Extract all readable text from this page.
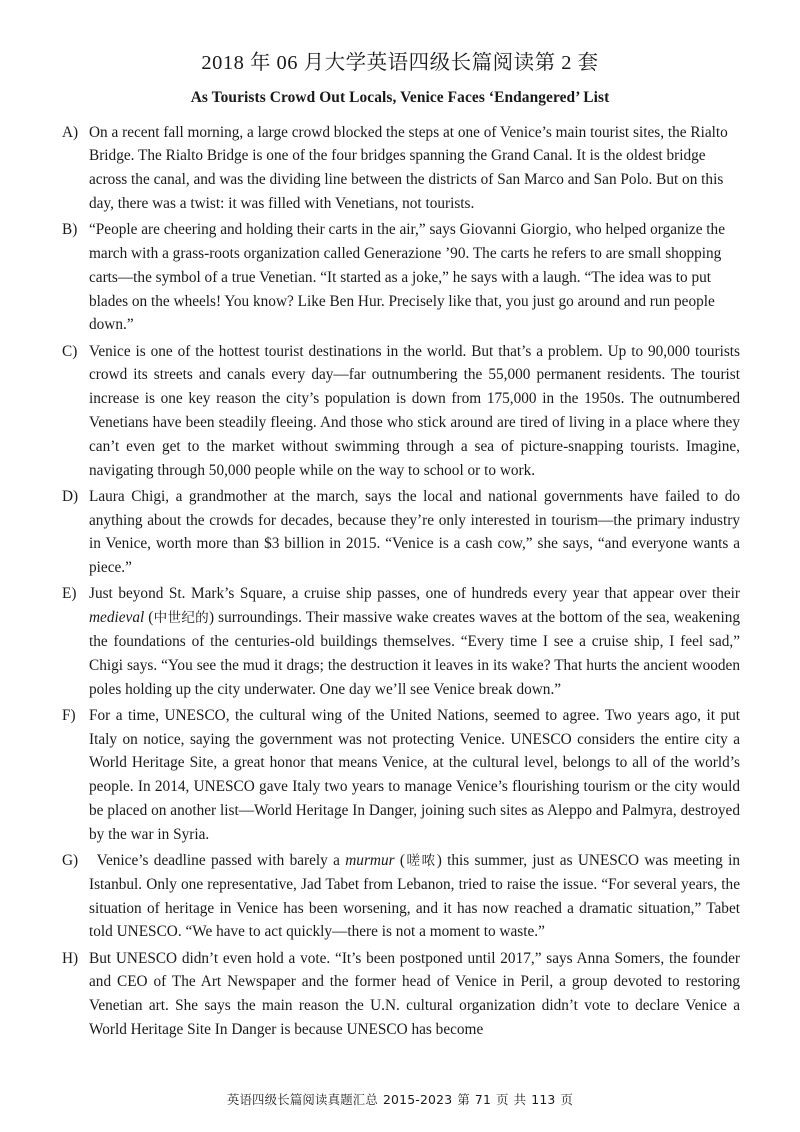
2018 年 06 月大学英语四级长篇阅读第 2 套
As Tourists Crowd Out Locals, Venice Faces ‘Endangered’ List
A) On a recent fall morning, a large crowd blocked the steps at one of Venice’s main tourist sites, the Rialto Bridge. The Rialto Bridge is one of the four bridges spanning the Grand Canal. It is the oldest bridge across the canal, and was the dividing line between the districts of San Marco and San Polo. But on this day, there was a twist: it was filled with Venetians, not tourists.
B) “People are cheering and holding their carts in the air,” says Giovanni Giorgio, who helped organize the march with a grass-roots organization called Generazione ’90. The carts he refers to are small shopping carts—the symbol of a true Venetian. “It started as a joke,” he says with a laugh. “The idea was to put blades on the wheels! You know? Like Ben Hur. Precisely like that, you just go around and run people down.”
C) Venice is one of the hottest tourist destinations in the world. But that’s a problem. Up to 90,000 tourists crowd its streets and canals every day—far outnumbering the 55,000 permanent residents. The tourist increase is one key reason the city’s population is down from 175,000 in the 1950s. The outnumbered Venetians have been steadily fleeing. And those who stick around are tired of living in a place where they can’t even get to the market without swimming through a sea of picture-snapping tourists. Imagine, navigating through 50,000 people while on the way to school or to work.
D) Laura Chigi, a grandmother at the march, says the local and national governments have failed to do anything about the crowds for decades, because they’re only interested in tourism—the primary industry in Venice, worth more than $3 billion in 2015. “Venice is a cash cow,” she says, “and everyone wants a piece.”
E) Just beyond St. Mark’s Square, a cruise ship passes, one of hundreds every year that appear over their medieval (中世纪的) surroundings. Their massive wake creates waves at the bottom of the sea, weakening the foundations of the centuries-old buildings themselves. “Every time I see a cruise ship, I feel sad,” Chigi says. “You see the mud it drags; the destruction it leaves in its wake? That hurts the ancient wooden poles holding up the city underwater. One day we’ll see Venice break down.”
F) For a time, UNESCO, the cultural wing of the United Nations, seemed to agree. Two years ago, it put Italy on notice, saying the government was not protecting Venice. UNESCO considers the entire city a World Heritage Site, a great honor that means Venice, at the cultural level, belongs to all of the world’s people. In 2014, UNESCO gave Italy two years to manage Venice’s flourishing tourism or the city would be placed on another list—World Heritage In Danger, joining such sites as Aleppo and Palmyra, destroyed by the war in Syria.
G)  Venice’s deadline passed with barely a murmur (嗟哝) this summer, just as UNESCO was meeting in Istanbul. Only one representative, Jad Tabet from Lebanon, tried to raise the issue. “For several years, the situation of heritage in Venice has been worsening, and it has now reached a dramatic situation,” Tabet told UNESCO. “We have to act quickly—there is not a moment to waste.”
H) But UNESCO didn’t even hold a vote. “It’s been postponed until 2017,” says Anna Somers, the founder and CEO of The Art Newspaper and the former head of Venice in Peril, a group devoted to restoring Venetian art. She says the main reason the U.N. cultural organization didn’t vote to declare Venice a World Heritage Site In Danger is because UNESCO has become
英语四级长篇阅读真题汇总 2015-2023 第 71 页 共 113 页
